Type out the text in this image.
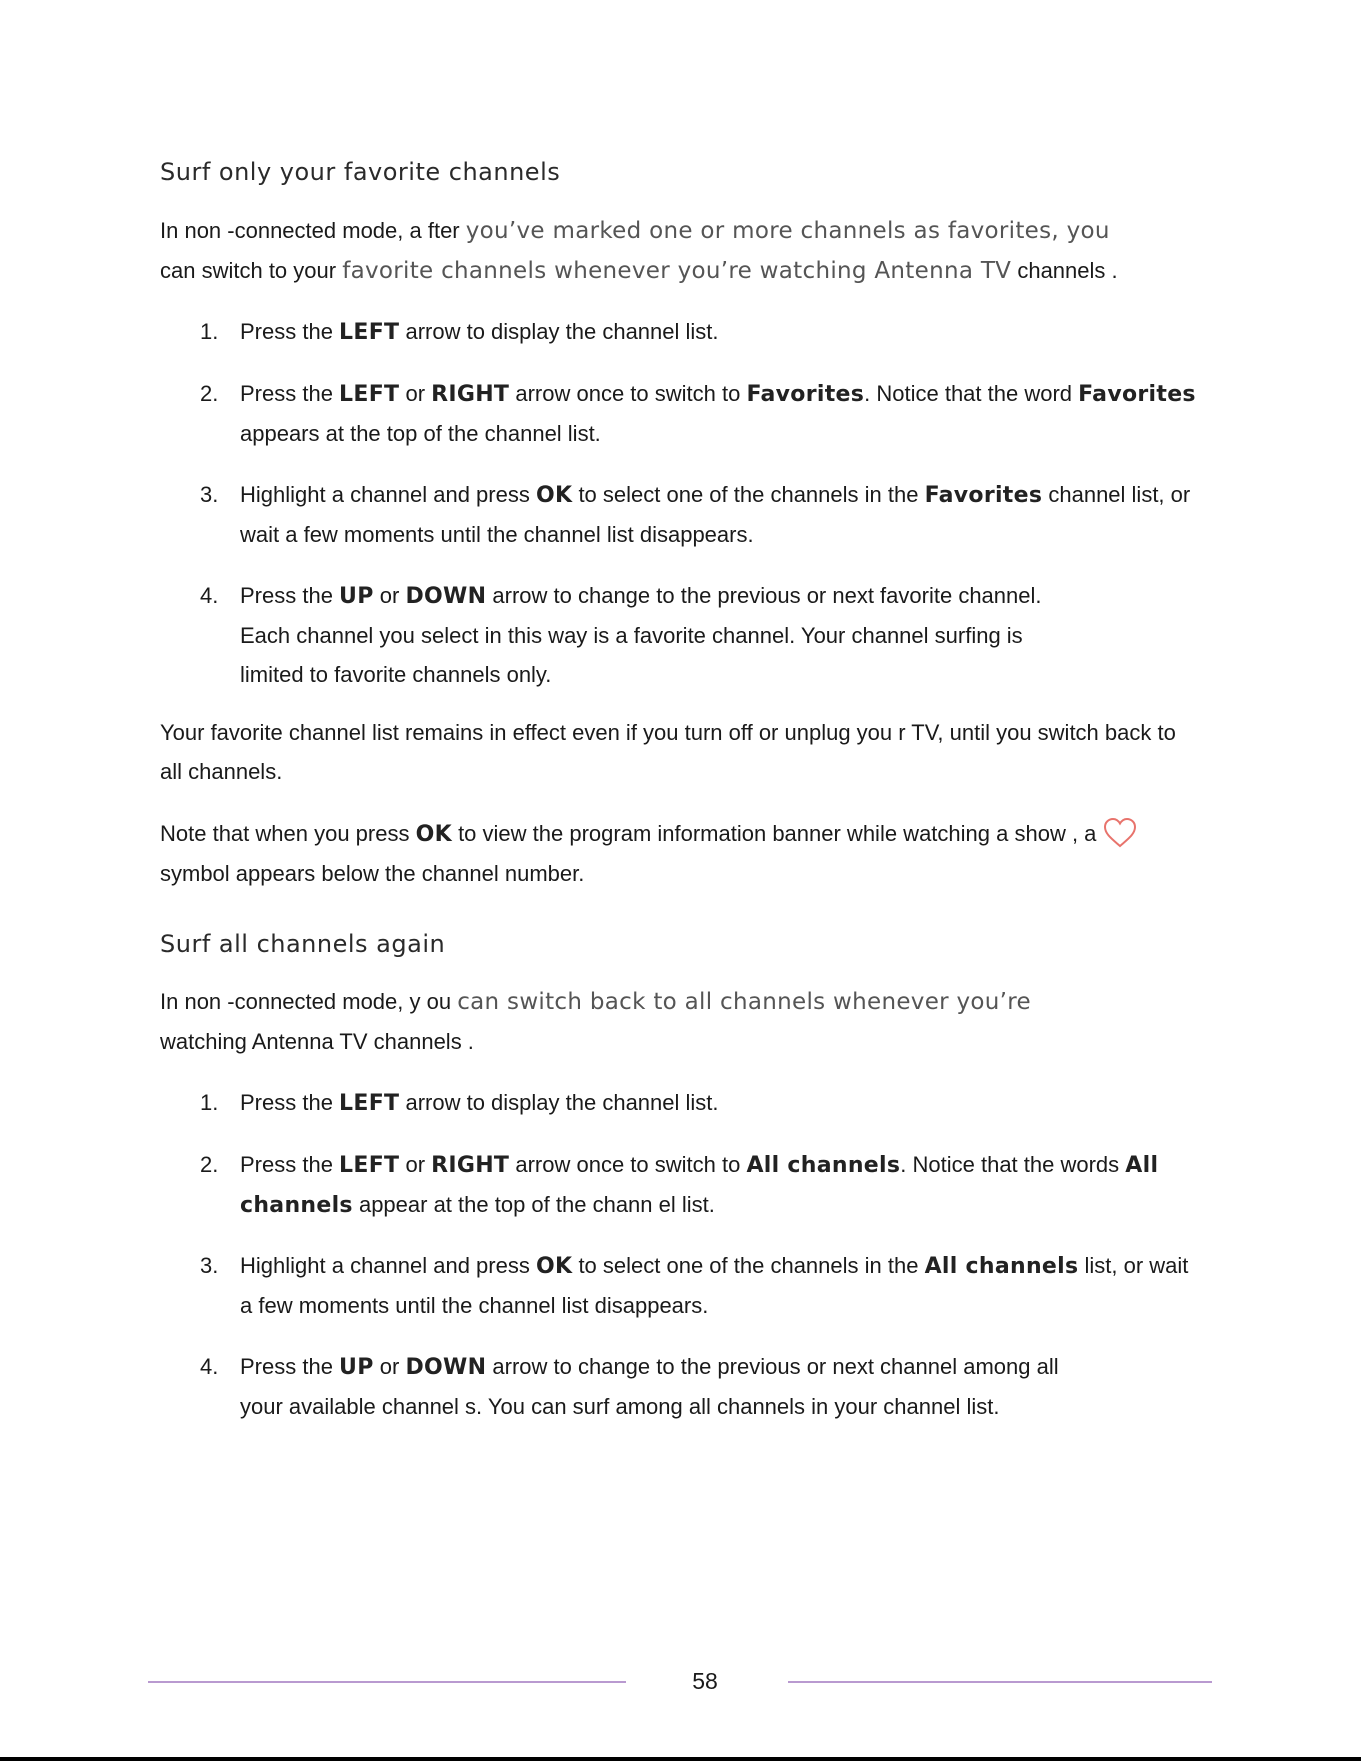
Surf only your favorite channels

In non -connected mode, a fter you’ve marked one or more channels as favorites, you
can switch to your favorite channels whenever you’re watching Antenna TV channels .

1. Press the LEFT arrow to display the channel list.
2. Press the LEFT or RIGHT arrow once to switch to Favorites. Notice that the word Favorites appears at the top of the channel list.
3. Highlight a channel and press OK to select one of the channels in the Favorites channel list, or wait a few moments until the channel list disappears.
4. Press the UP or DOWN arrow to change to the previous or next favorite channel. Each channel you select in this way is a favorite channel. Your channel surfing is limited to favorite channels only.

Your favorite channel list remains in effect even if you turn off or unplug you r TV, until you switch back to all channels.

Note that when you press OK to view the program information banner while watching a show , asymbol appears below the channel number.

Surf all channels again

In non -connected mode, y ou can switch back to all channels whenever you’re
watching Antenna TV channels .

1. Press the LEFT arrow to display the channel list.
2. Press the LEFT or RIGHT arrow once to switch to All channels. Notice that the words All channels appear at the top of the chann el list.
3. Highlight a channel and press OK to select one of the channels in the All channels list, or wait a few moments until the channel list disappears.
4. Press the UP or DOWN arrow to change to the previous or next channel among all your available channel s. You can surf among all channels in your channel list.
58
